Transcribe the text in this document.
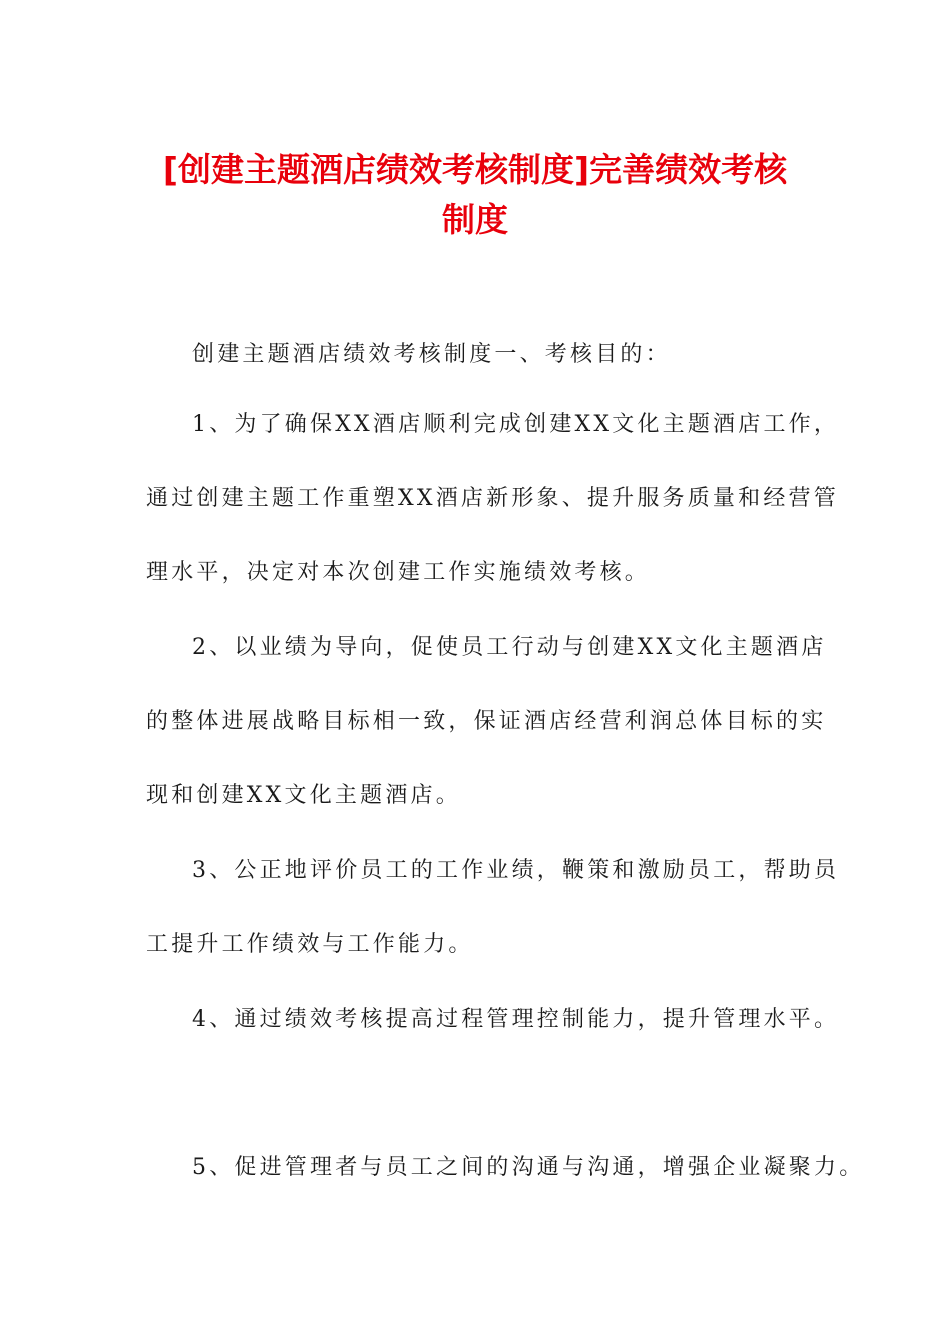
[创建主题酒店绩效考核制度]完善绩效考核
制度

创建主题酒店绩效考核制度一、考核目的：

1、为了确保XX酒店顺利完成创建XX文化主题酒店工作，

通过创建主题工作重塑XX酒店新形象、提升服务质量和经营管

理水平，决定对本次创建工作实施绩效考核。

2、以业绩为导向，促使员工行动与创建XX文化主题酒店

的整体进展战略目标相一致，保证酒店经营利润总体目标的实

现和创建XX文化主题酒店。

3、公正地评价员工的工作业绩，鞭策和激励员工，帮助员

工提升工作绩效与工作能力。

4、通过绩效考核提高过程管理控制能力，提升管理水平。

5、促进管理者与员工之间的沟通与沟通，增强企业凝聚力。
